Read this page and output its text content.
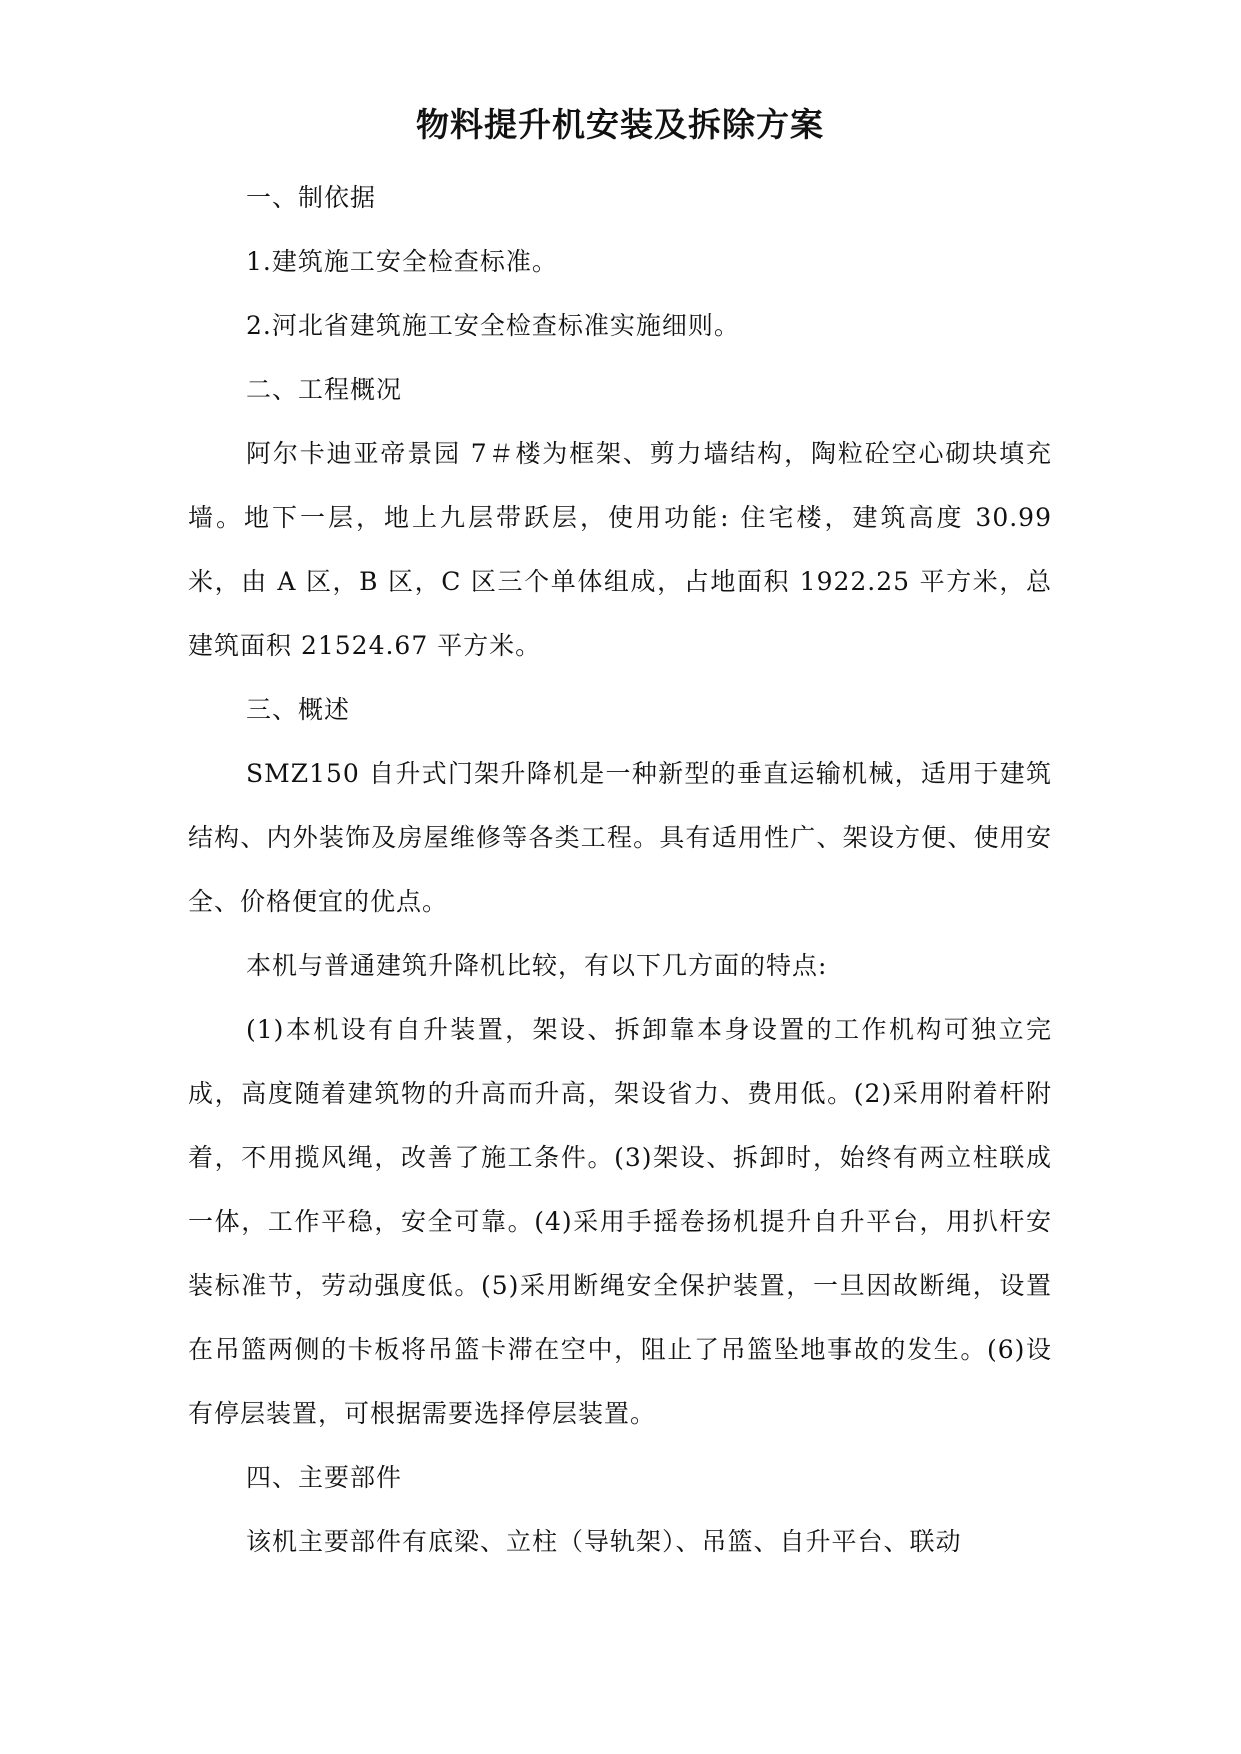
物料提升机安装及拆除方案

一、制依据

1.建筑施工安全检查标准。

2.河北省建筑施工安全检查标准实施细则。

二、工程概况

阿尔卡迪亚帝景园 7＃楼为框架、剪力墙结构，陶粒砼空心砌块填充墙。地下一层，地上九层带跃层，使用功能: 住宅楼，建筑高度 30.99 米，由 A 区，B 区，C 区三个单体组成，占地面积 1922.25 平方米，总建筑面积 21524.67 平方米。

三、概述

SMZ150 自升式门架升降机是一种新型的垂直运输机械，适用于建筑结构、内外装饰及房屋维修等各类工程。具有适用性广、架设方便、使用安全、价格便宜的优点。

本机与普通建筑升降机比较，有以下几方面的特点:

(1)本机设有自升装置，架设、拆卸靠本身设置的工作机构可独立完成，高度随着建筑物的升高而升高，架设省力、费用低。(2)采用附着杆附着，不用揽风绳，改善了施工条件。(3)架设、拆卸时，始终有两立柱联成一体，工作平稳，安全可靠。(4)采用手摇卷扬机提升自升平台，用扒杆安装标准节，劳动强度低。(5)采用断绳安全保护装置，一旦因故断绳，设置在吊篮两侧的卡板将吊篮卡滞在空中，阻止了吊篮坠地事故的发生。(6)设有停层装置，可根据需要选择停层装置。

四、主要部件

该机主要部件有底梁、立柱（导轨架）、吊篮、自升平台、联动
